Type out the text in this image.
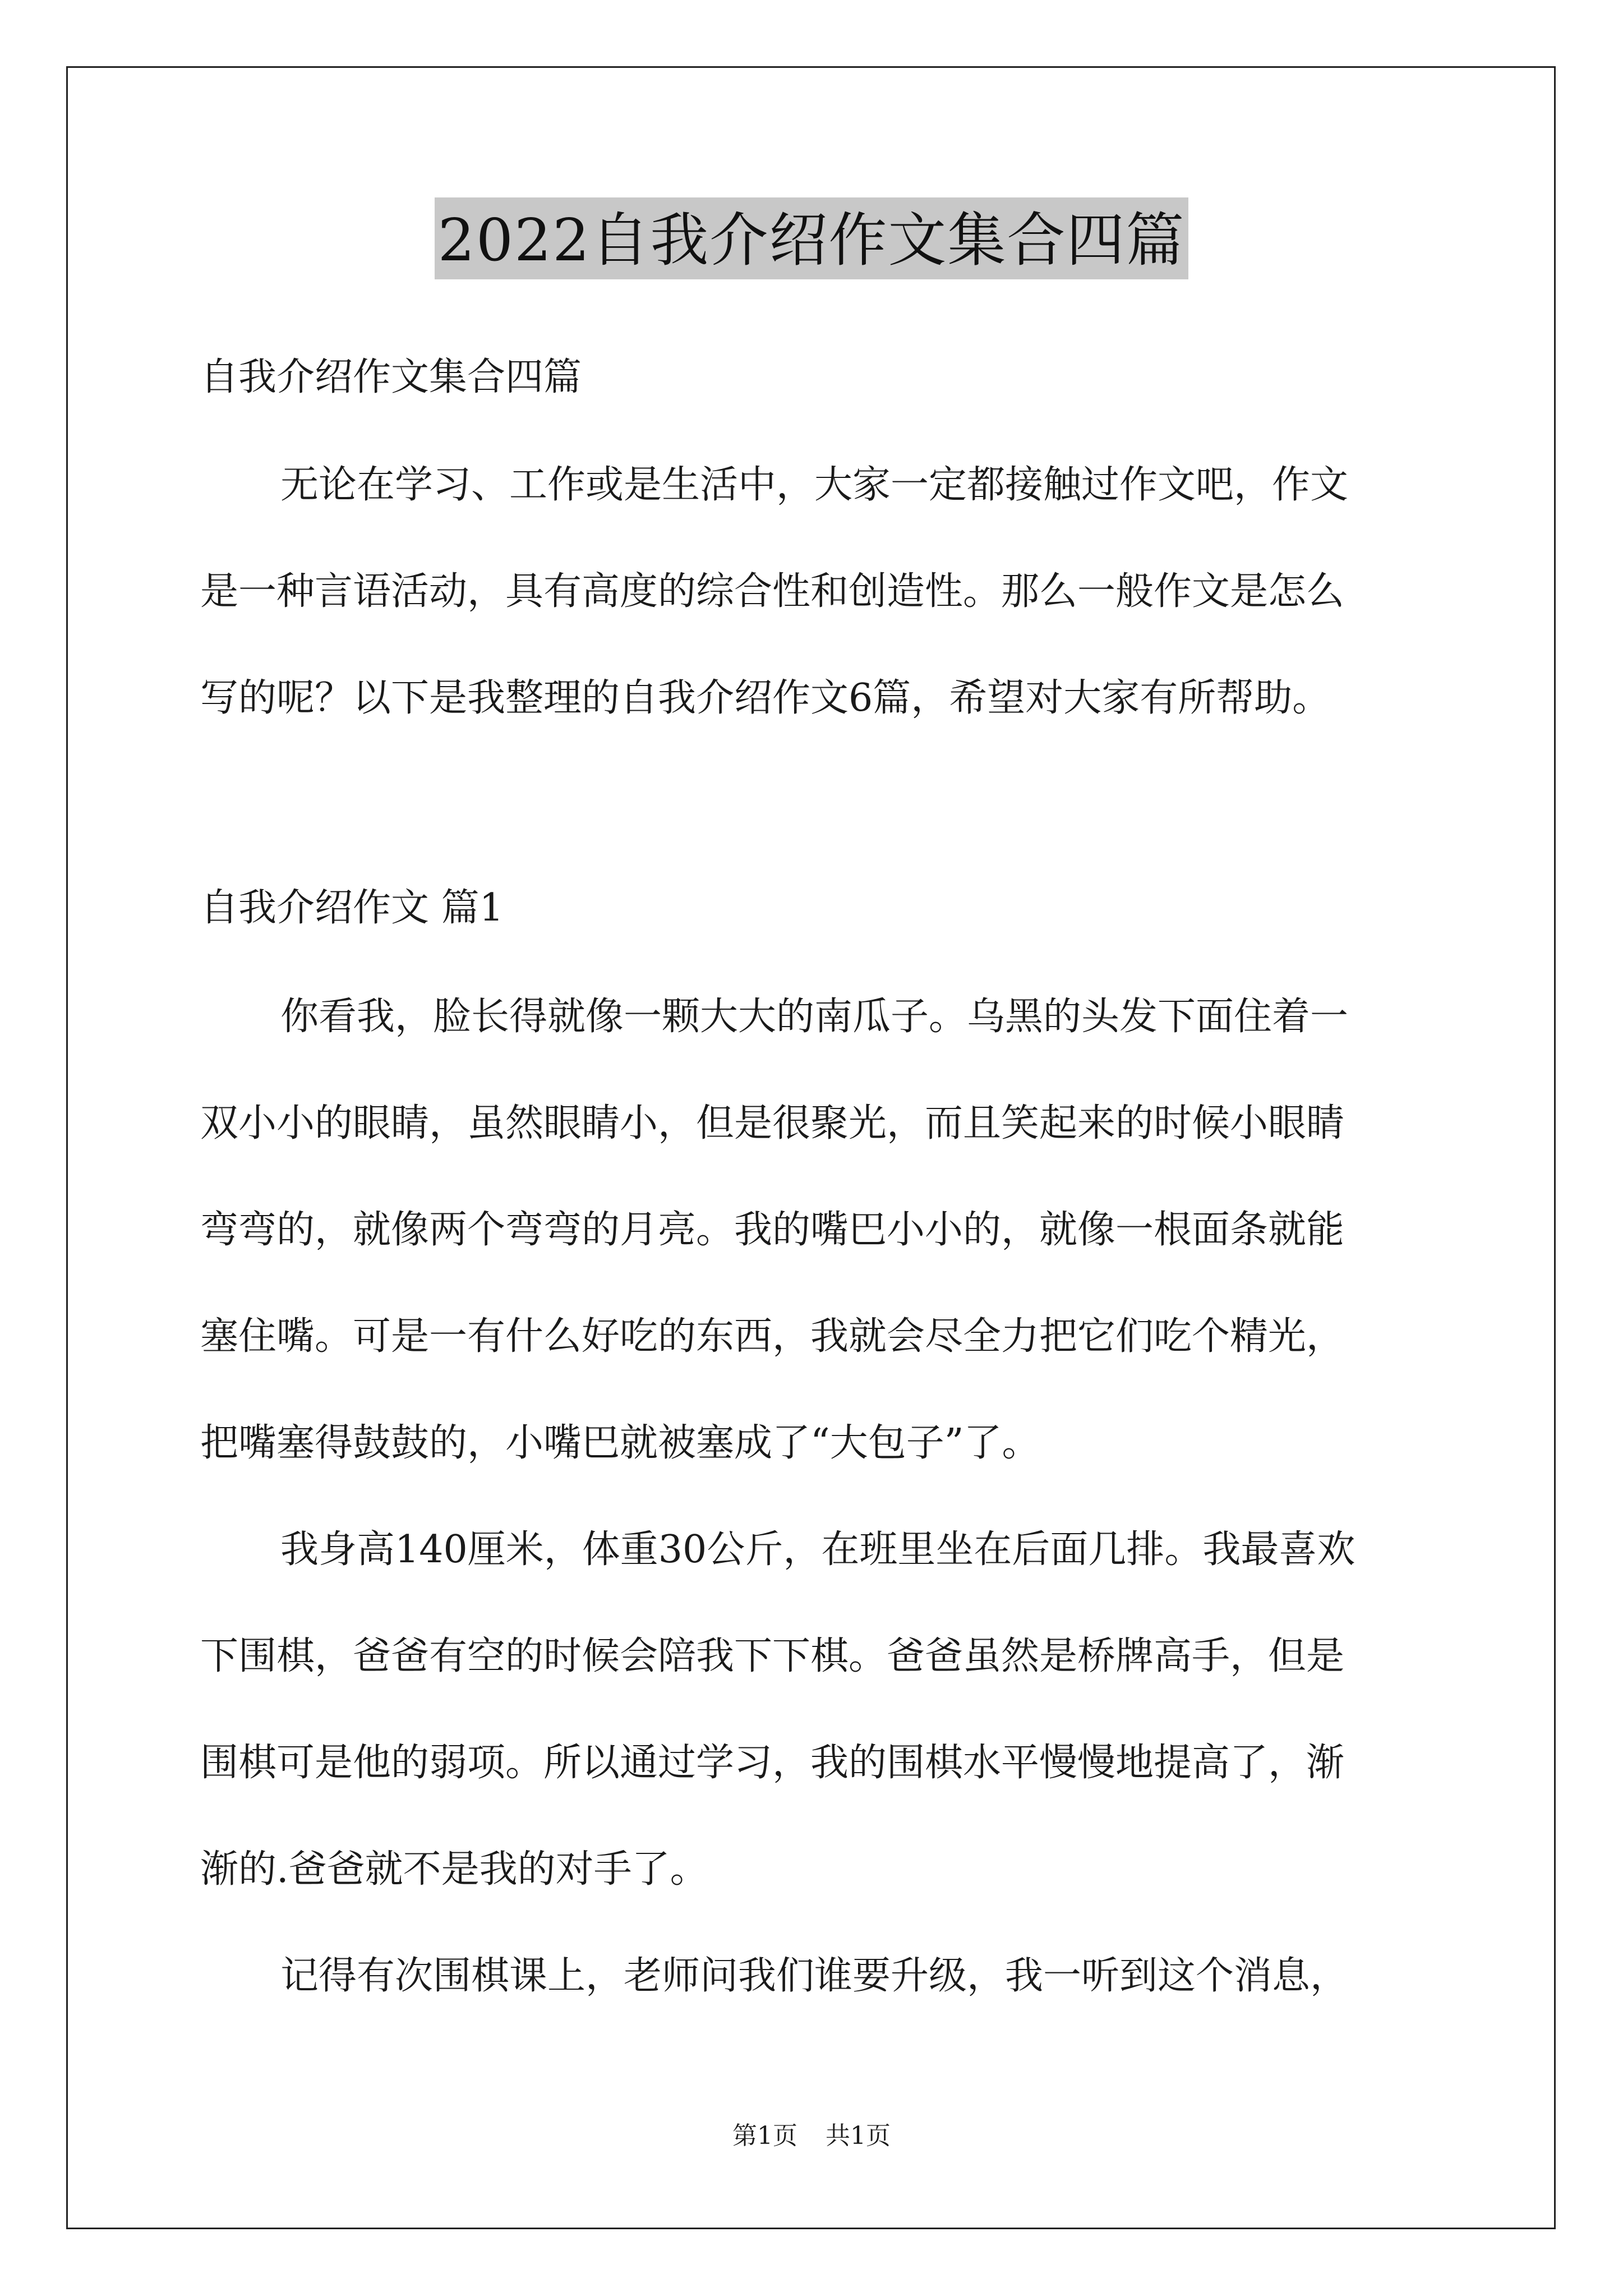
2022自我介绍作文集合四篇
自我介绍作文集合四篇
无论在学习、工作或是生活中，大家一定都接触过作文吧，作文
是一种言语活动，具有高度的综合性和创造性。那么一般作文是怎么
写的呢？以下是我整理的自我介绍作文6篇，希望对大家有所帮助。
自我介绍作文 篇1
你看我，脸长得就像一颗大大的南瓜子。乌黑的头发下面住着一
双小小的眼睛，虽然眼睛小，但是很聚光，而且笑起来的时候小眼睛
弯弯的，就像两个弯弯的月亮。我的嘴巴小小的，就像一根面条就能
塞住嘴。可是一有什么好吃的东西，我就会尽全力把它们吃个精光，
把嘴塞得鼓鼓的，小嘴巴就被塞成了“大包子”了。
我身高140厘米，体重30公斤，在班里坐在后面几排。我最喜欢
下围棋，爸爸有空的时候会陪我下下棋。爸爸虽然是桥牌高手，但是
围棋可是他的弱项。所以通过学习，我的围棋水平慢慢地提高了，渐
渐的.爸爸就不是我的对手了。
记得有次围棋课上，老师问我们谁要升级，我一听到这个消息，
第1页 共1页
